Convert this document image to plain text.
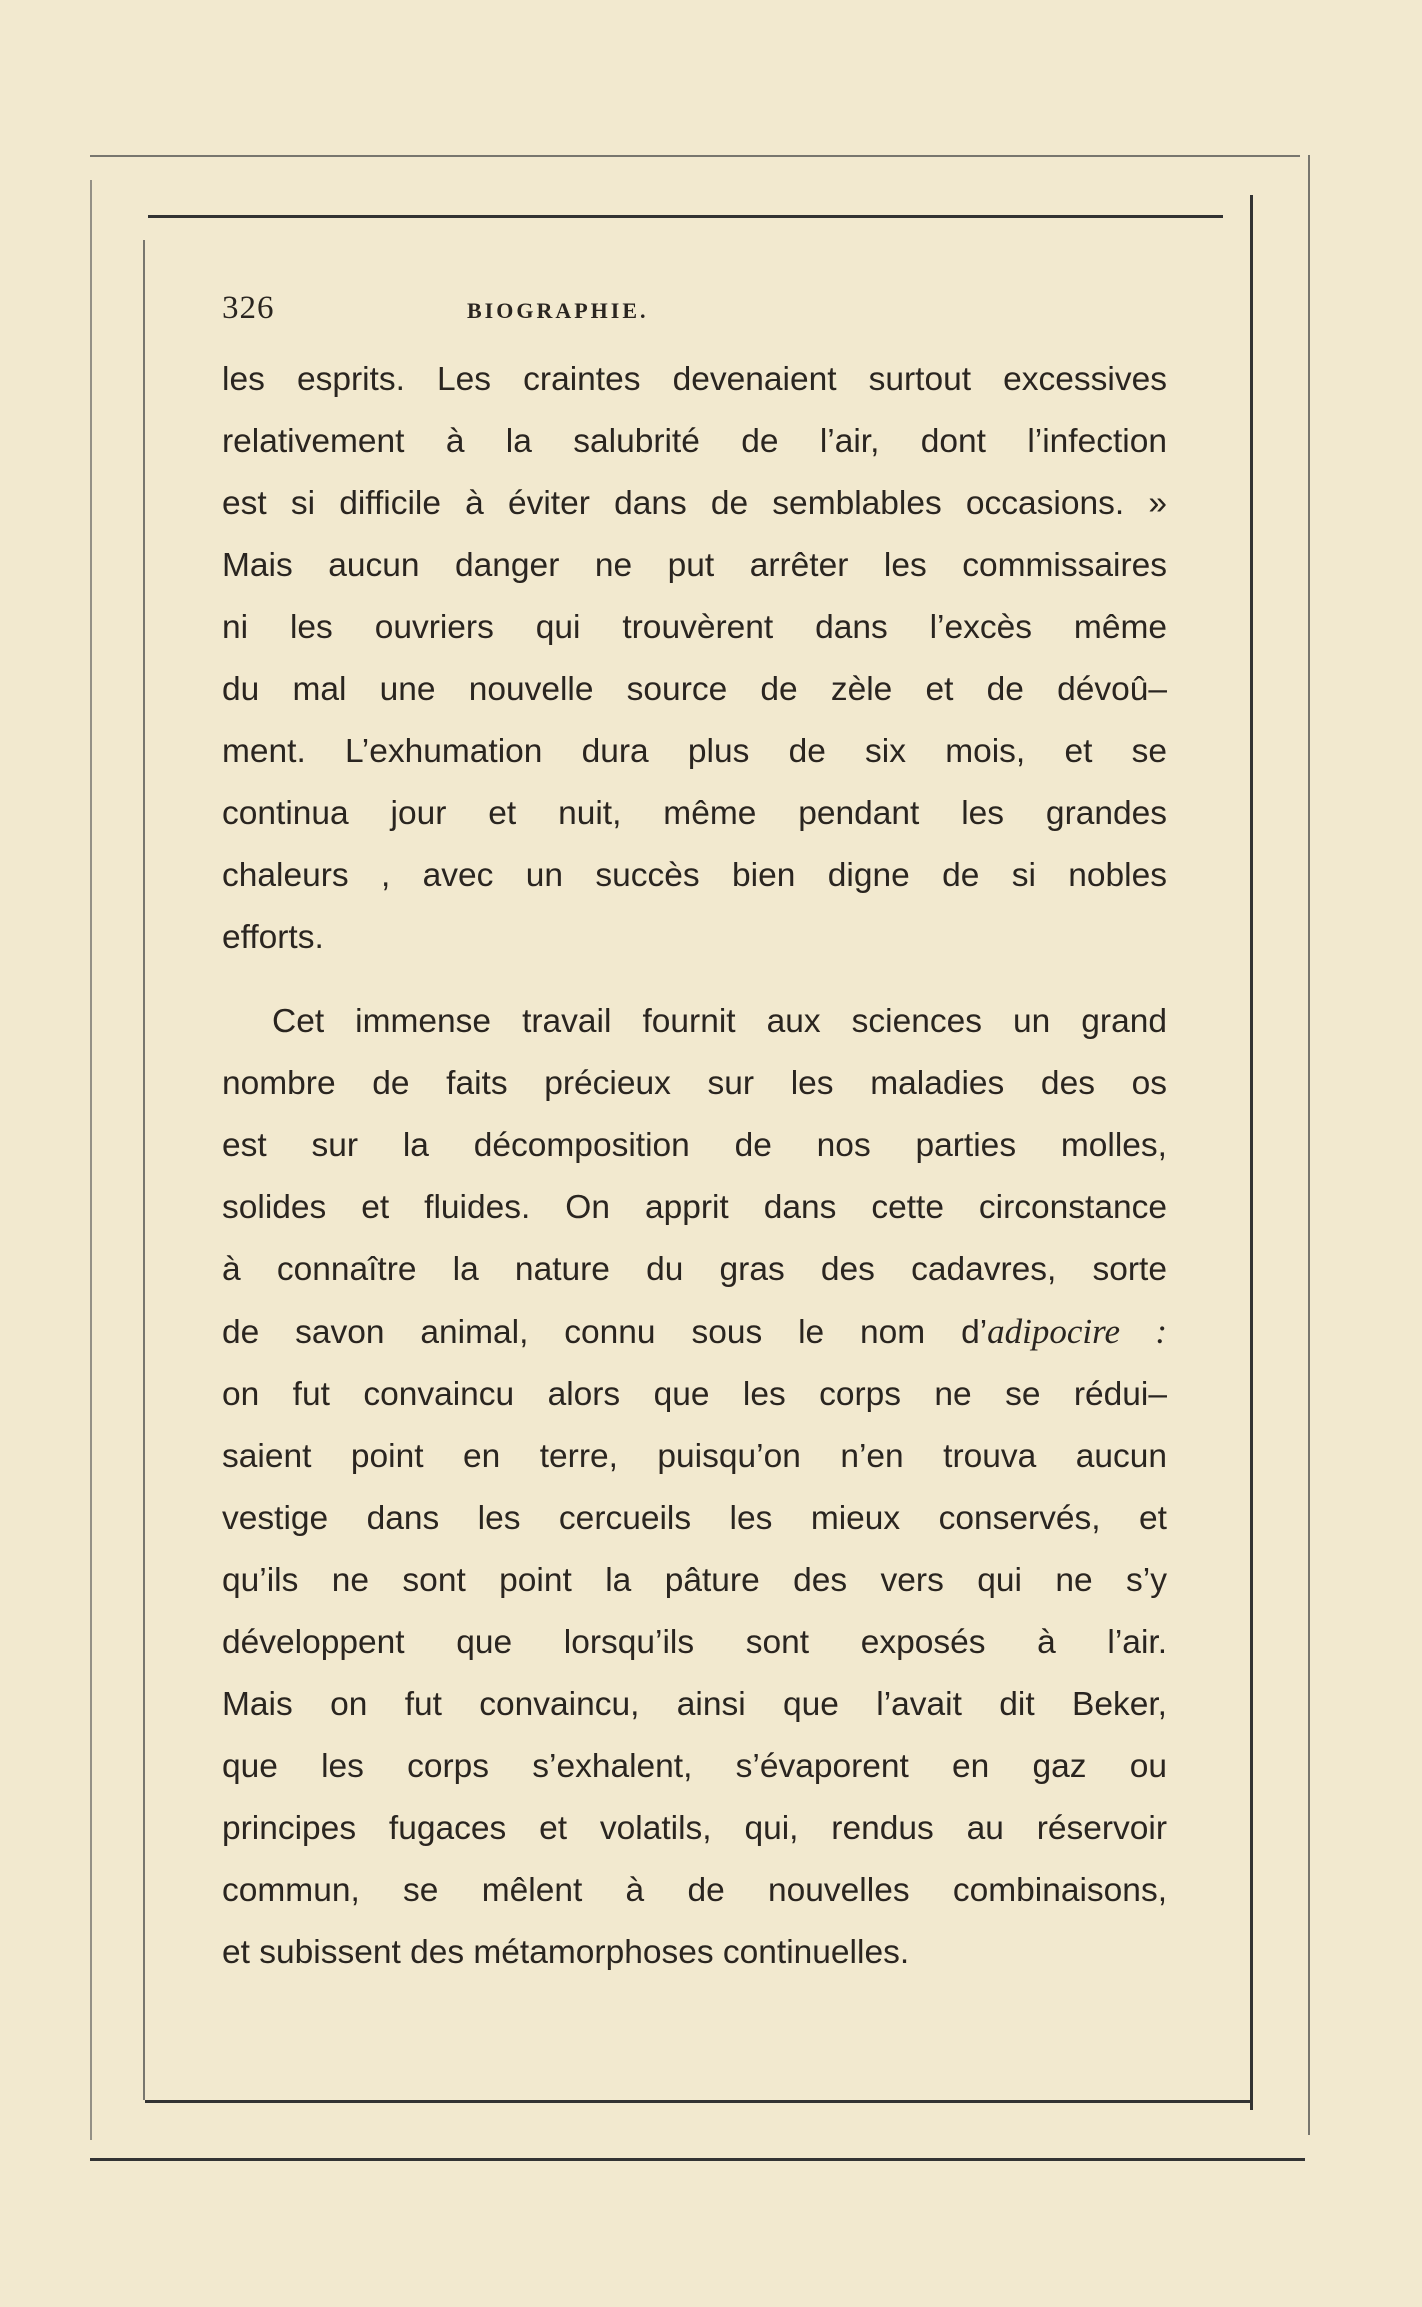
326	BIOGRAPHIE.

les esprits. Les craintes devenaient surtout excessives
relativement à la salubrité de l’air, dont l’infection
est si difficile à éviter dans de semblables occasions. »
Mais aucun danger ne put arrêter les commissaires
ni les ouvriers qui trouvèrent dans l’excès même
du mal une nouvelle source de zèle et de dévoû–
ment. L’exhumation dura plus de six mois, et se
continua jour et nuit, même pendant les grandes
chaleurs , avec un succès bien digne de si nobles
efforts.

Cet immense travail fournit aux sciences un grand
nombre de faits précieux sur les maladies des os
est sur la décomposition de nos parties molles,
solides et fluides. On apprit dans cette circonstance
à connaître la nature du gras des cadavres, sorte
de savon animal, connu sous le nom d’adipocire :
on fut convaincu alors que les corps ne se rédui–
saient point en terre, puisqu’on n’en trouva aucun
vestige dans les cercueils les mieux conservés, et
qu’ils ne sont point la pâture des vers qui ne s’y
développent que lorsqu’ils sont exposés à l’air.
Mais on fut convaincu, ainsi que l’avait dit Beker,
que les corps s’exhalent, s’évaporent en gaz ou
principes fugaces et volatils, qui, rendus au réservoir
commun, se mêlent à de nouvelles combinaisons,
et subissent des métamorphoses continuelles.
